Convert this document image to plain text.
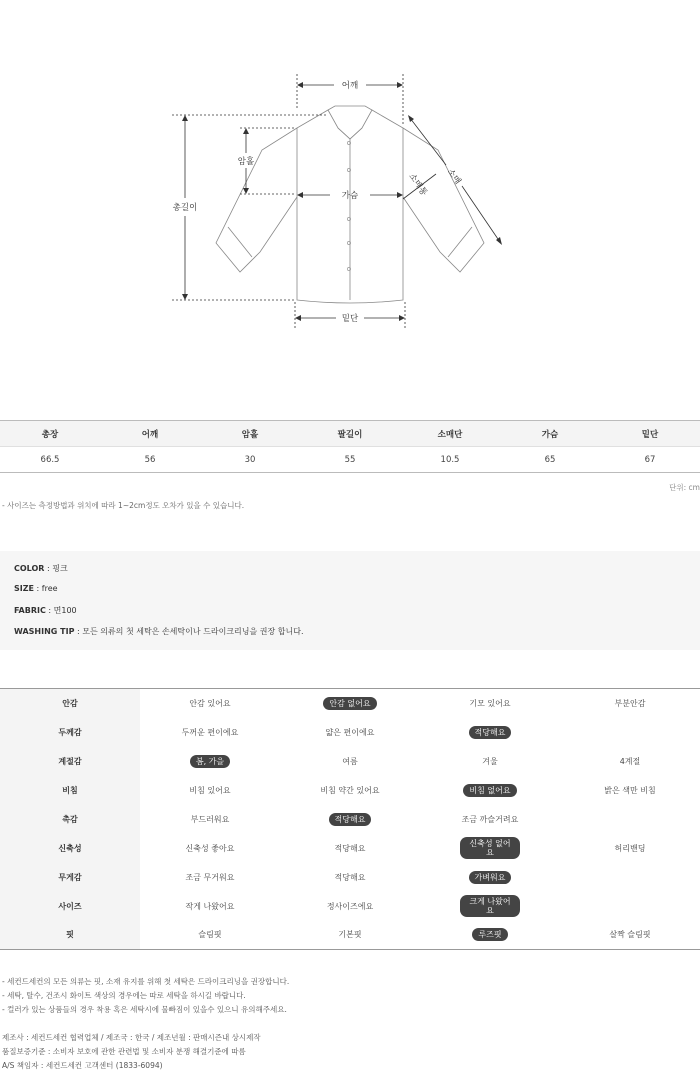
어깨
암홀
총길이
가슴
소매
소매통
밑단
총장	어깨	암홀	팔길이	소매단	가슴	밑단
66.5	56	30	55	10.5	65	67
단위: cm
- 사이즈는 측정방법과 위치에 따라 1~2cm정도 오차가 있을 수 있습니다.
COLOR : 핑크
SIZE : free
FABRIC : 면100
WASHING TIP : 모든 의류의 첫 세탁은 손세탁이나 드라이크리닝을 권장 합니다.
안감	안감 있어요	안감 없어요	기모 있어요	부분안감
두께감	두꺼운 편이에요	얇은 편이에요	적당해요	
계절감	봄, 가을	여름	겨울	4계절
비침	비침 있어요	비침 약간 있어요	비침 없어요	밝은 색만 비침
촉감	부드러워요	적당해요	조금 까슬거려요	
신축성	신축성 좋아요	적당해요	신축성 없어요	허리밴딩
무게감	조금 무거워요	적당해요	가벼워요	
사이즈	작게 나왔어요	정사이즈에요	크게 나왔어요	
핏	슬림핏	기본핏	루즈핏	살짝 슬림핏
- 세컨드세컨의 모든 의류는 핏, 소재 유지를 위해 첫 세탁은 드라이크리닝을 권장합니다.
- 세탁, 탈수, 건조시 화이트 색상의 경우에는 따로 세탁을 하시길 바랍니다.
- 컬러가 있는 상품들의 경우 착용 혹은 세탁시에 물빠짐이 있을수 있으니 유의해주세요.
제조사 : 세컨드세컨 협력업체 / 제조국 : 한국 / 제조년월 : 판매시즌내 상시제작
품질보증기준 : 소비자 보호에 관한 관련법 및 소비자 분쟁 해결기준에 따름
A/S 책임자 : 세컨드세컨 고객센터 (1833-6094)
